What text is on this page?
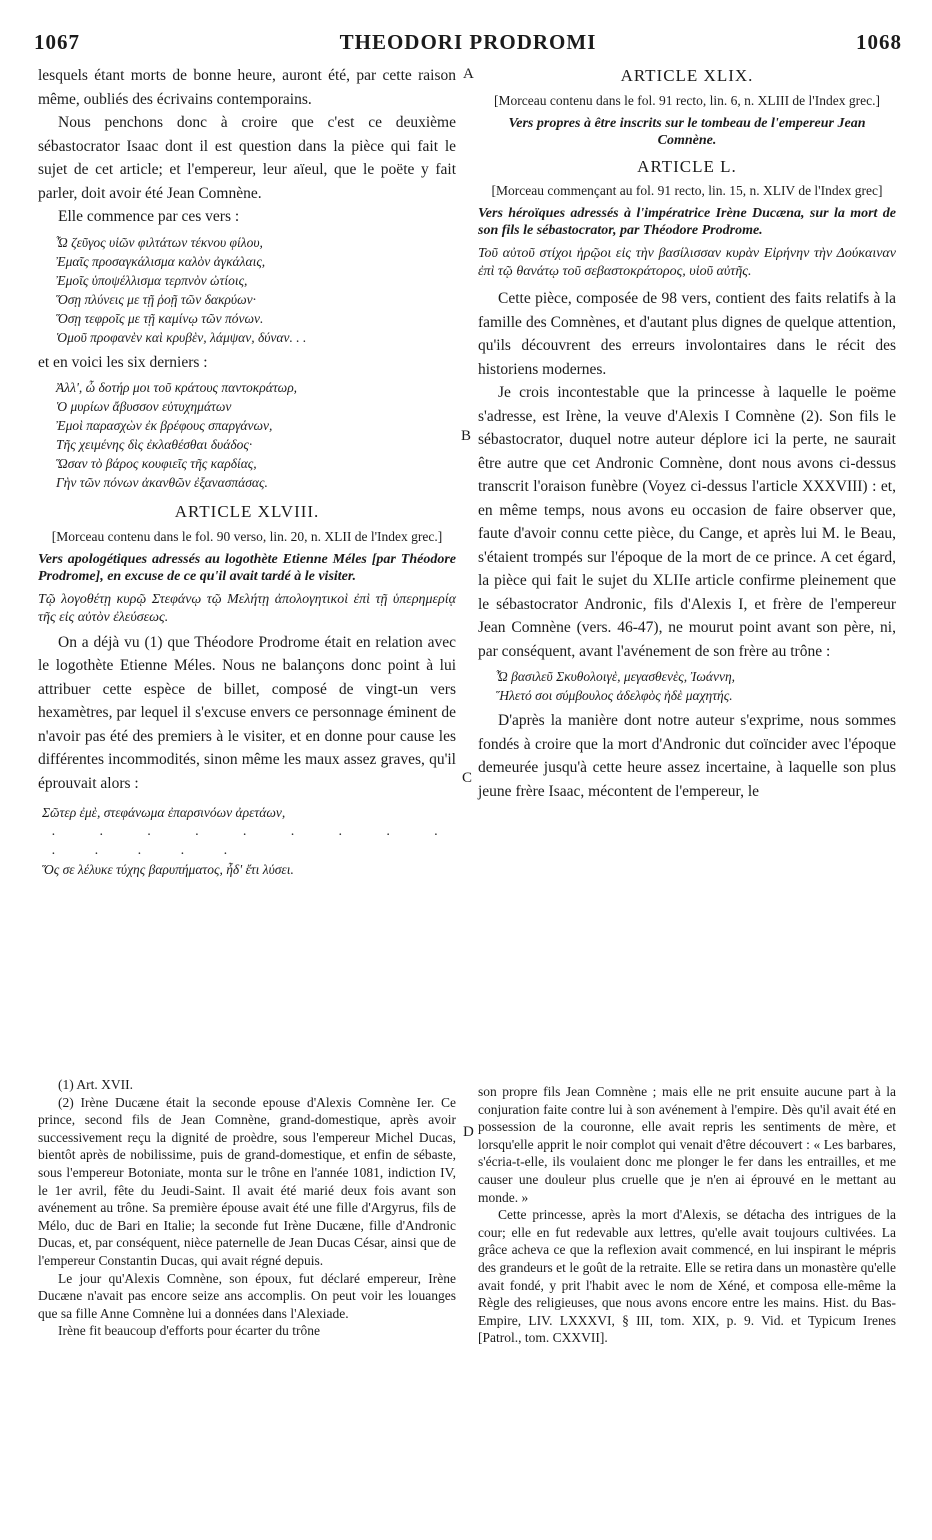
1067	THEODORI PRODROMI	1068
A
B
C
D

lesquels étant morts de bonne heure, auront été, par cette raison même, oubliés des écrivains contemporains.

Nous penchons donc à croire que c'est ce deuxième sébastocrator Isaac dont il est question dans la pièce qui fait le sujet de cet article; et l'empereur, leur aïeul, que le poëte y fait parler, doit avoir été Jean Comnène.

Elle commence par ces vers :

Ὦ ζεῦγος υἱῶν φιλτάτων τέκνου φίλου,
Ἐμαῖς προσαγκάλισμα καλὸν ἀγκάλαις,
Ἐμοῖς ὑποψέλλισμα τερπνὸν ὠτίοις,
Ὅσῃ πλύνεις με τῇ ῥοῇ τῶν δακρύων·
Ὅσῃ τεφροῖς με τῇ καμίνῳ τῶν πόνων.
Ὁμοῦ προφανὲν καὶ κρυβὲν, λάμψαν, δύναν. . .

et en voici les six derniers :

Ἀλλ', ὦ δοτήρ μοι τοῦ κράτους παντοκράτωρ,
Ὁ μυρίων ἄβυσσον εὐτυχημάτων
Ἐμοὶ παρασχὼν ἐκ βρέφους σπαργάνων,
Τῆς χειμένης δὶς ἐκλαθέσθαι δυάδος·
Ὥσαν τὸ βάρος κουφιεῖς τῆς καρδίας,
Γὴν τῶν πόνων ἀκανθῶν ἐξανασπάσας.
ARTICLE XLVIII.

[Morceau contenu dans le fol. 90 verso, lin. 20, n. XLII de l'Index grec.]

Vers apologétiques adressés au logothète Etienne Méles [par Théodore Prodrome], en excuse de ce qu'il avait tardé à le visiter.

Τῷ λογοθέτῃ κυρῷ Στεφάνῳ τῷ Μελήτῃ ἀπολογητικοὶ ἐπὶ τῇ ὑπερημερίᾳ τῆς εἰς αὐτὸν ἐλεύσεως.

On a déjà vu (1) que Théodore Prodrome était en relation avec le logothète Etienne Méles. Nous ne balançons donc point à lui attribuer cette espèce de billet, composé de vingt-un vers hexamètres, par lequel il s'excuse envers ce personnage éminent de n'avoir pas été des premiers à le visiter, et en donne pour cause les différentes incommodités, sinon même les maux assez graves, qu'il éprouvait alors :

Σῶτερ ἐμὲ, στεφάνωμα ἐπαρσινόων ἀρετάων,
. . . . . . . . . . . . . .
Ὅς σε λέλυκε τύχης βαρυπήματος, ἦδ' ἔτι λύσει.
ARTICLE XLIX.

[Morceau contenu dans le fol. 91 recto, lin. 6, n. XLIII de l'Index grec.]

Vers propres à être inscrits sur le tombeau de l'empereur Jean Comnène.

ARTICLE L.

[Morceau commençant au fol. 91 recto, lin. 15, n. XLIV de l'Index grec]

Vers héroïques adressés à l'impératrice Irène Ducæna, sur la mort de son fils le sébastocrator, par Théodore Prodrome.

Τοῦ αὐτοῦ στίχοι ἡρῷοι εἰς τὴν βασίλισσαν κυρὰν Εἰρήνην τὴν Δούκαιναν ἐπὶ τῷ θανάτῳ τοῦ σεβαστοκράτορος, υἱοῦ αὐτῆς.

Cette pièce, composée de 98 vers, contient des faits relatifs à la famille des Comnènes, et d'autant plus dignes de quelque attention, qu'ils découvrent des erreurs involontaires dans le récit des historiens modernes.

Je crois incontestable que la princesse à laquelle le poëme s'adresse, est Irène, la veuve d'Alexis I Comnène (2). Son fils le sébastocrator, duquel notre auteur déplore ici la perte, ne saurait être autre que cet Andronic Comnène, dont nous avons ci-dessus transcrit l'oraison funèbre (Voyez ci-dessus l'article XXXVIII) : et, en même temps, nous avons eu occasion de faire observer que, faute d'avoir connu cette pièce, du Cange, et après lui M. le Beau, s'étaient trompés sur l'époque de la mort de ce prince. A cet égard, la pièce qui fait le sujet du XLIIe article confirme pleinement que le sébastocrator Andronic, fils d'Alexis I, et frère de l'empereur Jean Comnène (vers. 46-47), ne mourut point avant son père, ni, par conséquent, avant l'avénement de son frère au trône :

Ὦ βασιλεῦ Σκυθολοιγὲ, μεγασθενὲς, Ἰωάννη,
Ἥλετό σοι σύμβουλος ἀδελφὸς ἠδὲ μαχητής.

D'après la manière dont notre auteur s'exprime, nous sommes fondés à croire que la mort d'Andronic dut coïncider avec l'époque demeurée jusqu'à cette heure assez incertaine, à laquelle son plus jeune frère Isaac, mécontent de l'empereur, le

(1) Art. XVII.

(2) Irène Ducæne était la seconde epouse d'Alexis Comnène Ier. Ce prince, second fils de Jean Comnène, grand-domestique, après avoir successivement reçu la dignité de proèdre, sous l'empereur Michel Ducas, bientôt après de nobilissime, puis de grand-domestique, et enfin de sébaste, sous l'empereur Botoniate, monta sur le trône en l'année 1081, indiction IV, le 1er avril, fête du Jeudi-Saint. Il avait été marié deux fois avant son avénement au trône. Sa première épouse avait été une fille d'Argyrus, fils de Mélo, duc de Bari en Italie; la seconde fut Irène Ducæne, fille d'Andronic Ducas, et, par conséquent, nièce paternelle de Jean Ducas César, ainsi que de l'empereur Constantin Ducas, qui avait régné depuis.

Le jour qu'Alexis Comnène, son époux, fut déclaré empereur, Irène Ducæne n'avait pas encore seize ans accomplis. On peut voir les louanges que sa fille Anne Comnène lui a données dans l'Alexiade.

Irène fit beaucoup d'efforts pour écarter du trône

son propre fils Jean Comnène ; mais elle ne prit ensuite aucune part à la conjuration faite contre lui à son avénement à l'empire. Dès qu'il avait été en possession de la couronne, elle avait repris les sentiments de mère, et lorsqu'elle apprit le noir complot qui venait d'être découvert : « Les barbares, s'écria-t-elle, ils voulaient donc me plonger le fer dans les entrailles, et me causer une douleur plus cruelle que je n'en ai éprouvé en le mettant au monde. »

Cette princesse, après la mort d'Alexis, se détacha des intrigues de la cour; elle en fut redevable aux lettres, qu'elle avait toujours cultivées. La grâce acheva ce que la reflexion avait commencé, en lui inspirant le mépris des grandeurs et le goût de la retraite. Elle se retira dans un monastère qu'elle avait fondé, y prit l'habit avec le nom de Xéné, et composa elle-même la Règle des religieuses, que nous avons encore entre les mains. Hist. du Bas-Empire, LIV. LXXXVI, § III, tom. XIX, p. 9. Vid. et Typicum Irenes [Patrol., tom. CXXVII].
